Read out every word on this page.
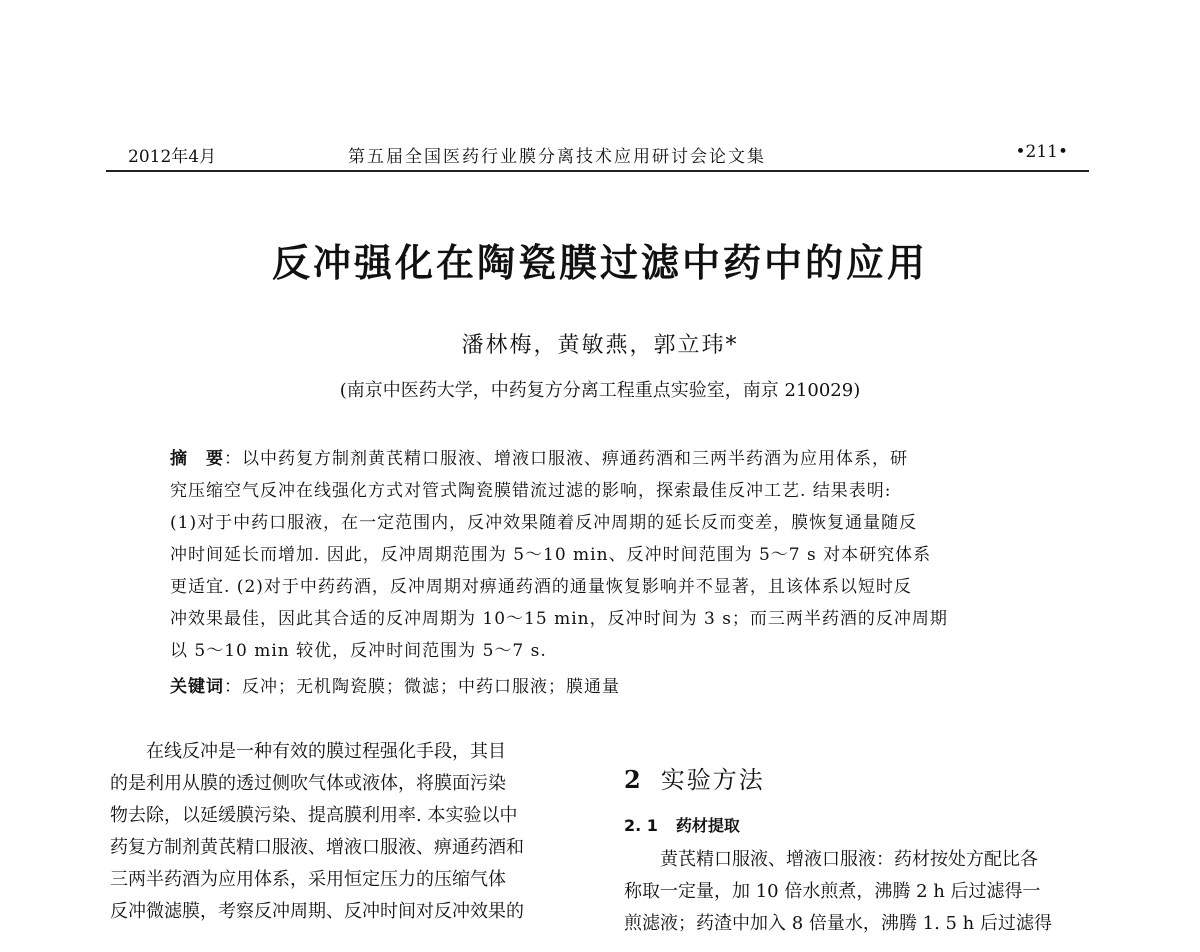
2012年4月	第五届全国医药行业膜分离技术应用研讨会论文集	•211•
反冲强化在陶瓷膜过滤中药中的应用
潘林梅，黄敏燕，郭立玮*
(南京中医药大学，中药复方分离工程重点实验室，南京 210029)
摘　要：以中药复方制剂黄芪精口服液、增液口服液、痹通药酒和三两半药酒为应用体系，研
究压缩空气反冲在线强化方式对管式陶瓷膜错流过滤的影响，探索最佳反冲工艺. 结果表明:
(1)对于中药口服液，在一定范围内，反冲效果随着反冲周期的延长反而变差，膜恢复通量随反
冲时间延长而增加. 因此，反冲周期范围为 5～10 min、反冲时间范围为 5～7 s 对本研究体系
更适宜. (2)对于中药药酒，反冲周期对痹通药酒的通量恢复影响并不显著，且该体系以短时反
冲效果最佳，因此其合适的反冲周期为 10～15 min，反冲时间为 3 s；而三两半药酒的反冲周期
以 5～10 min 较优，反冲时间范围为 5～7 s.
关键词：反冲；无机陶瓷膜；微滤；中药口服液；膜通量
　　在线反冲是一种有效的膜过程强化手段，其目
的是利用从膜的透过侧吹气体或液体，将膜面污染
物去除，以延缓膜污染、提高膜利用率. 本实验以中
药复方制剂黄芪精口服液、增液口服液、痹通药酒和
三两半药酒为应用体系，采用恒定压力的压缩气体
反冲微滤膜，考察反冲周期、反冲时间对反冲效果的
2 实验方法
2. 1 药材提取
　　黄芪精口服液、增液口服液：药材按处方配比各
称取一定量，加 10 倍水煎煮，沸腾 2 h 后过滤得一
煎滤液；药渣中加入 8 倍量水，沸腾 1. 5 h 后过滤得
